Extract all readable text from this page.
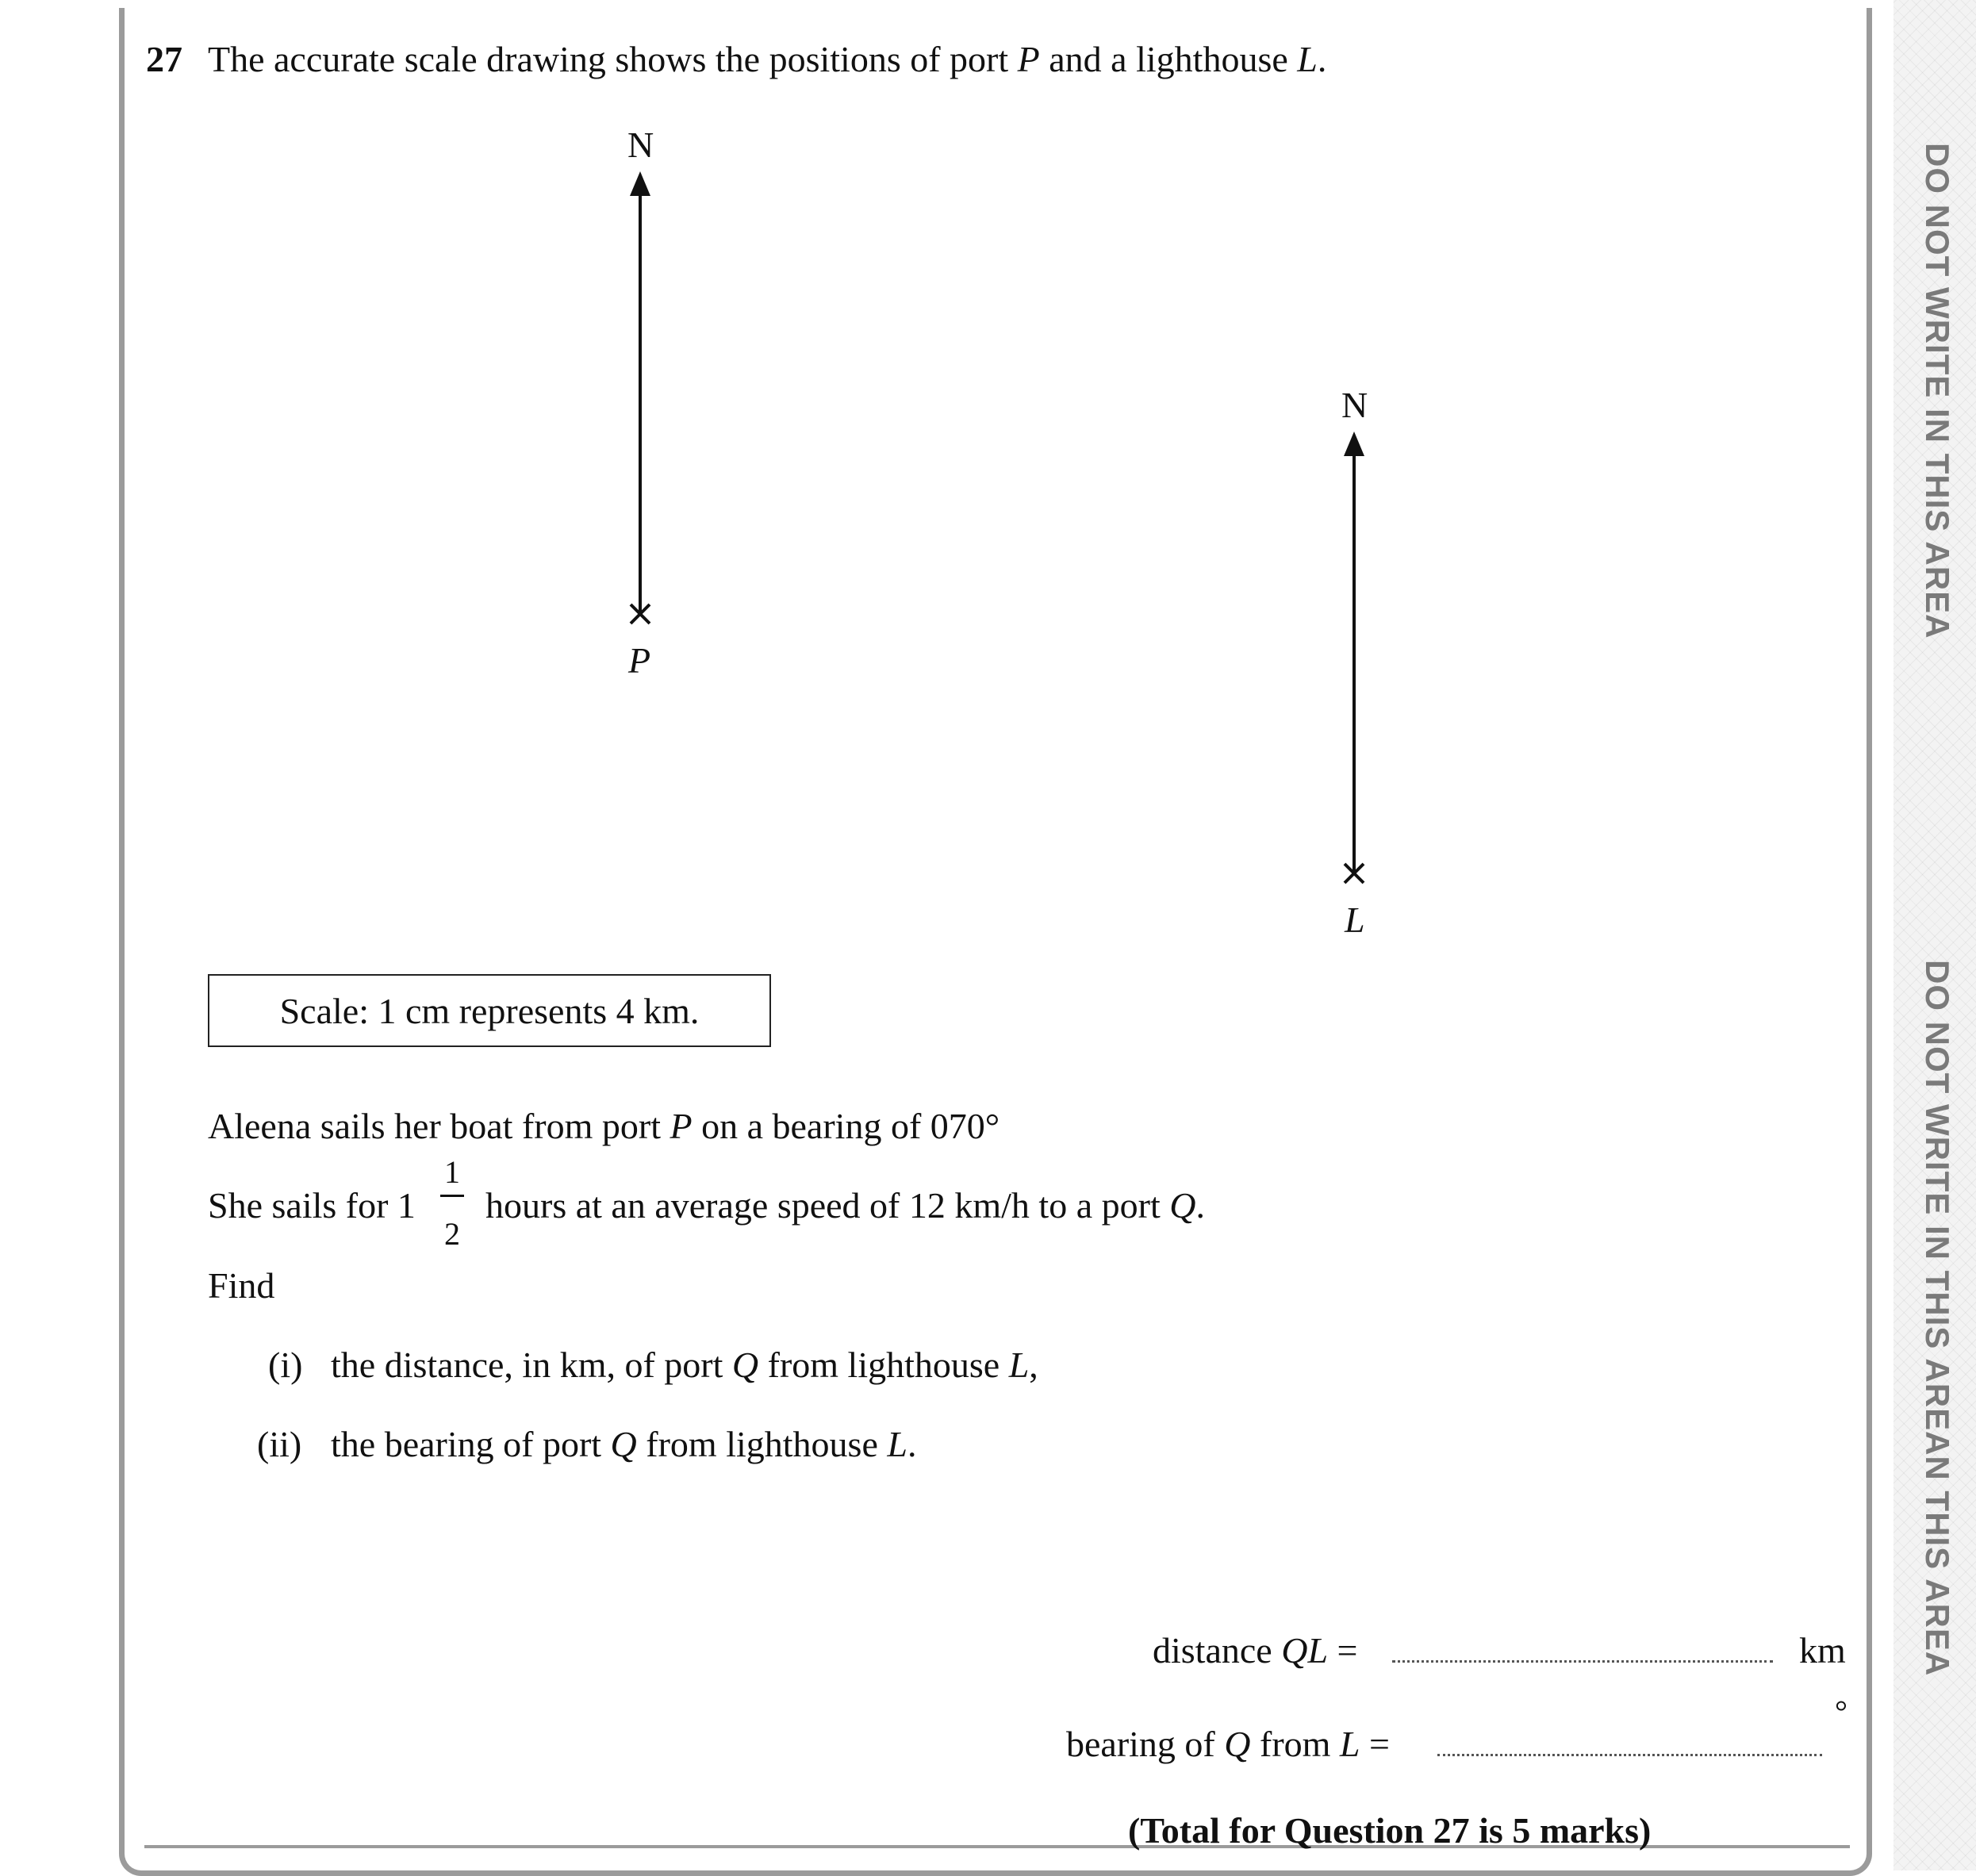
DO NOT WRITE IN THIS AREA
DO NOT WRITE IN THIS AREAN THIS AREA
27 The accurate scale drawing shows the positions of port P and a lighthouse L.
N
P
N
L
Scale: 1 cm represents 4 km.
Aleena sails her boat from port P on a bearing of 070°
She sails for 1
1
2
hours at an average speed of 12 km/h to a port Q.
Find
(i) the distance, in km, of port Q from lighthouse L,
(ii) the bearing of port Q from lighthouse L.
distance QL =	km
bearing of Q from L =
°
(Total for Question 27 is 5 marks)
